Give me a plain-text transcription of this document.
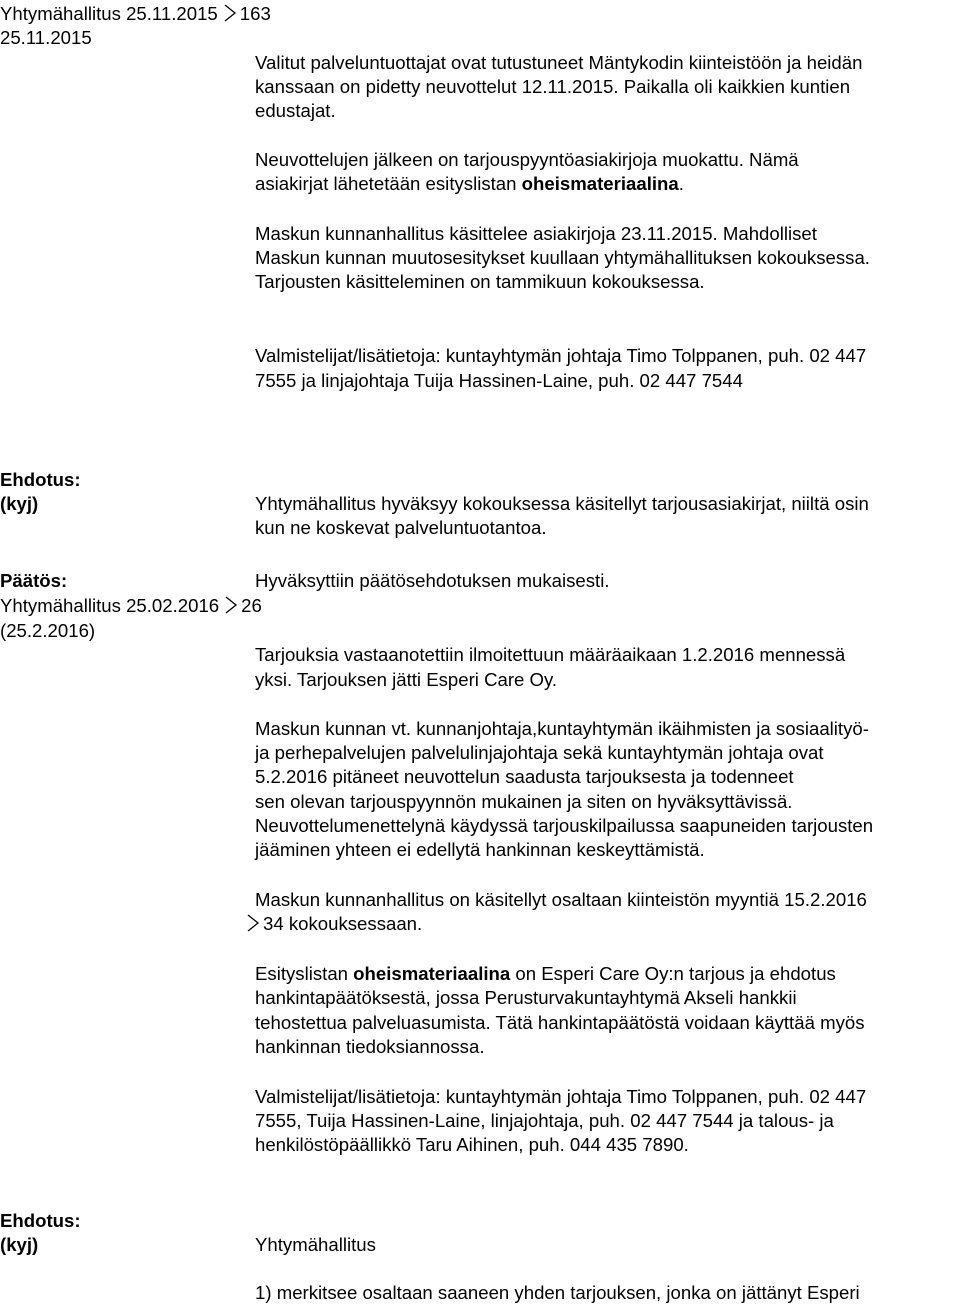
Yhtymähallitus 25.11.2015 163
25.11.2015
Valitut palveluntuottajat ovat tutustuneet Mäntykodin kiinteistöön ja heidän
kanssaan on pidetty neuvottelut 12.11.2015. Paikalla oli kaikkien kuntien
edustajat.
Neuvottelujen jälkeen on tarjouspyyntöasiakirjoja muokattu. Nämä
asiakirjat lähetetään esityslistan oheismateriaalina.
Maskun kunnanhallitus käsittelee asiakirjoja 23.11.2015. Mahdolliset
Maskun kunnan muutosesitykset kuullaan yhtymähallituksen kokouksessa.
Tarjousten käsitteleminen on tammikuun kokouksessa.
Valmistelijat/lisätietoja: kuntayhtymän johtaja Timo Tolppanen, puh. 02 447
7555 ja linjajohtaja Tuija Hassinen-Laine, puh. 02 447 7544
Ehdotus:
(kyj)	Yhtymähallitus hyväksyy kokouksessa käsitellyt tarjousasiakirjat, niiltä osin
kun ne koskevat palveluntuotantoa.
Päätös:	Hyväksyttiin päätösehdotuksen mukaisesti.
Yhtymähallitus 25.02.2016 26
(25.2.2016)
Tarjouksia vastaanotettiin ilmoitettuun määräaikaan 1.2.2016 mennessä
yksi. Tarjouksen jätti Esperi Care Oy.
Maskun kunnan vt. kunnanjohtaja,kuntayhtymän ikäihmisten ja sosiaalityö-
ja perhepalvelujen palvelulinjajohtaja sekä kuntayhtymän johtaja ovat
5.2.2016 pitäneet neuvottelun saadusta tarjouksesta ja todenneet
sen olevan tarjouspyynnön mukainen ja siten on hyväksyttävissä.
Neuvottelumenettelynä käydyssä tarjouskilpailussa saapuneiden tarjousten
jääminen yhteen ei edellytä hankinnan keskeyttämistä.
Maskun kunnanhallitus on käsitellyt osaltaan kiinteistön myyntiä 15.2.2016
34 kokouksessaan.
Esityslistan oheismateriaalina on Esperi Care Oy:n tarjous ja ehdotus
hankintapäätöksestä, jossa Perusturvakuntayhtymä Akseli hankkii
tehostettua palveluasumista. Tätä hankintapäätöstä voidaan käyttää myös
hankinnan tiedoksiannossa.
Valmistelijat/lisätietoja: kuntayhtymän johtaja Timo Tolppanen, puh. 02 447
7555, Tuija Hassinen-Laine, linjajohtaja, puh. 02 447 7544 ja talous- ja
henkilöstöpäällikkö Taru Aihinen, puh. 044 435 7890.
Ehdotus:
(kyj)	Yhtymähallitus
1) merkitsee osaltaan saaneen yhden tarjouksen, jonka on jättänyt Esperi
